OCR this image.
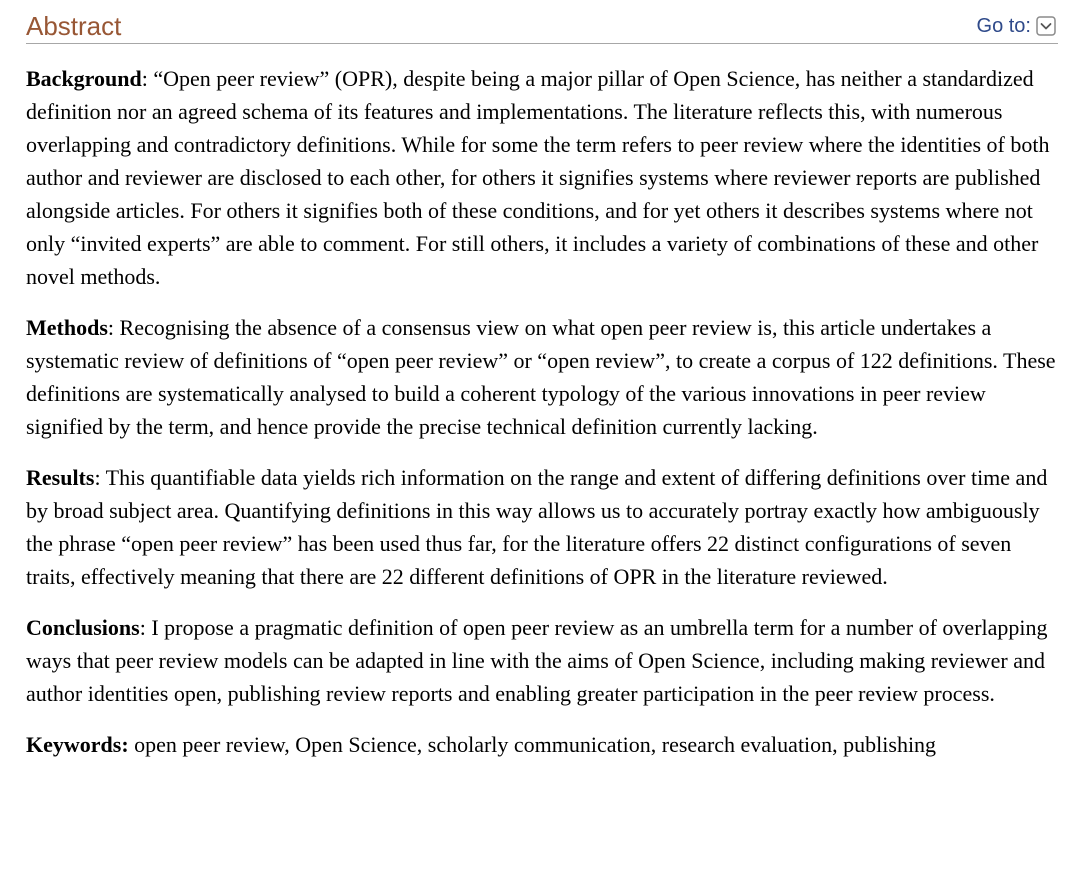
Abstract	Go to:

Background: “Open peer review” (OPR), despite being a major pillar of Open Science, has neither a standardized definition nor an agreed schema of its features and implementations. The literature reflects this, with numerous overlapping and contradictory definitions. While for some the term refers to peer review where the identities of both author and reviewer are disclosed to each other, for others it signifies systems where reviewer reports are published alongside articles. For others it signifies both of these conditions, and for yet others it describes systems where not only “invited experts” are able to comment. For still others, it includes a variety of combinations of these and other novel methods.

Methods: Recognising the absence of a consensus view on what open peer review is, this article undertakes a systematic review of definitions of “open peer review” or “open review”, to create a corpus of 122 definitions. These definitions are systematically analysed to build a coherent typology of the various innovations in peer review signified by the term, and hence provide the precise technical definition currently lacking.

Results: This quantifiable data yields rich information on the range and extent of differing definitions over time and by broad subject area. Quantifying definitions in this way allows us to accurately portray exactly how ambiguously the phrase “open peer review” has been used thus far, for the literature offers 22 distinct configurations of seven traits, effectively meaning that there are 22 different definitions of OPR in the literature reviewed.

Conclusions: I propose a pragmatic definition of open peer review as an umbrella term for a number of overlapping ways that peer review models can be adapted in line with the aims of Open Science, including making reviewer and author identities open, publishing review reports and enabling greater participation in the peer review process.

Keywords: open peer review, Open Science, scholarly communication, research evaluation, publishing
